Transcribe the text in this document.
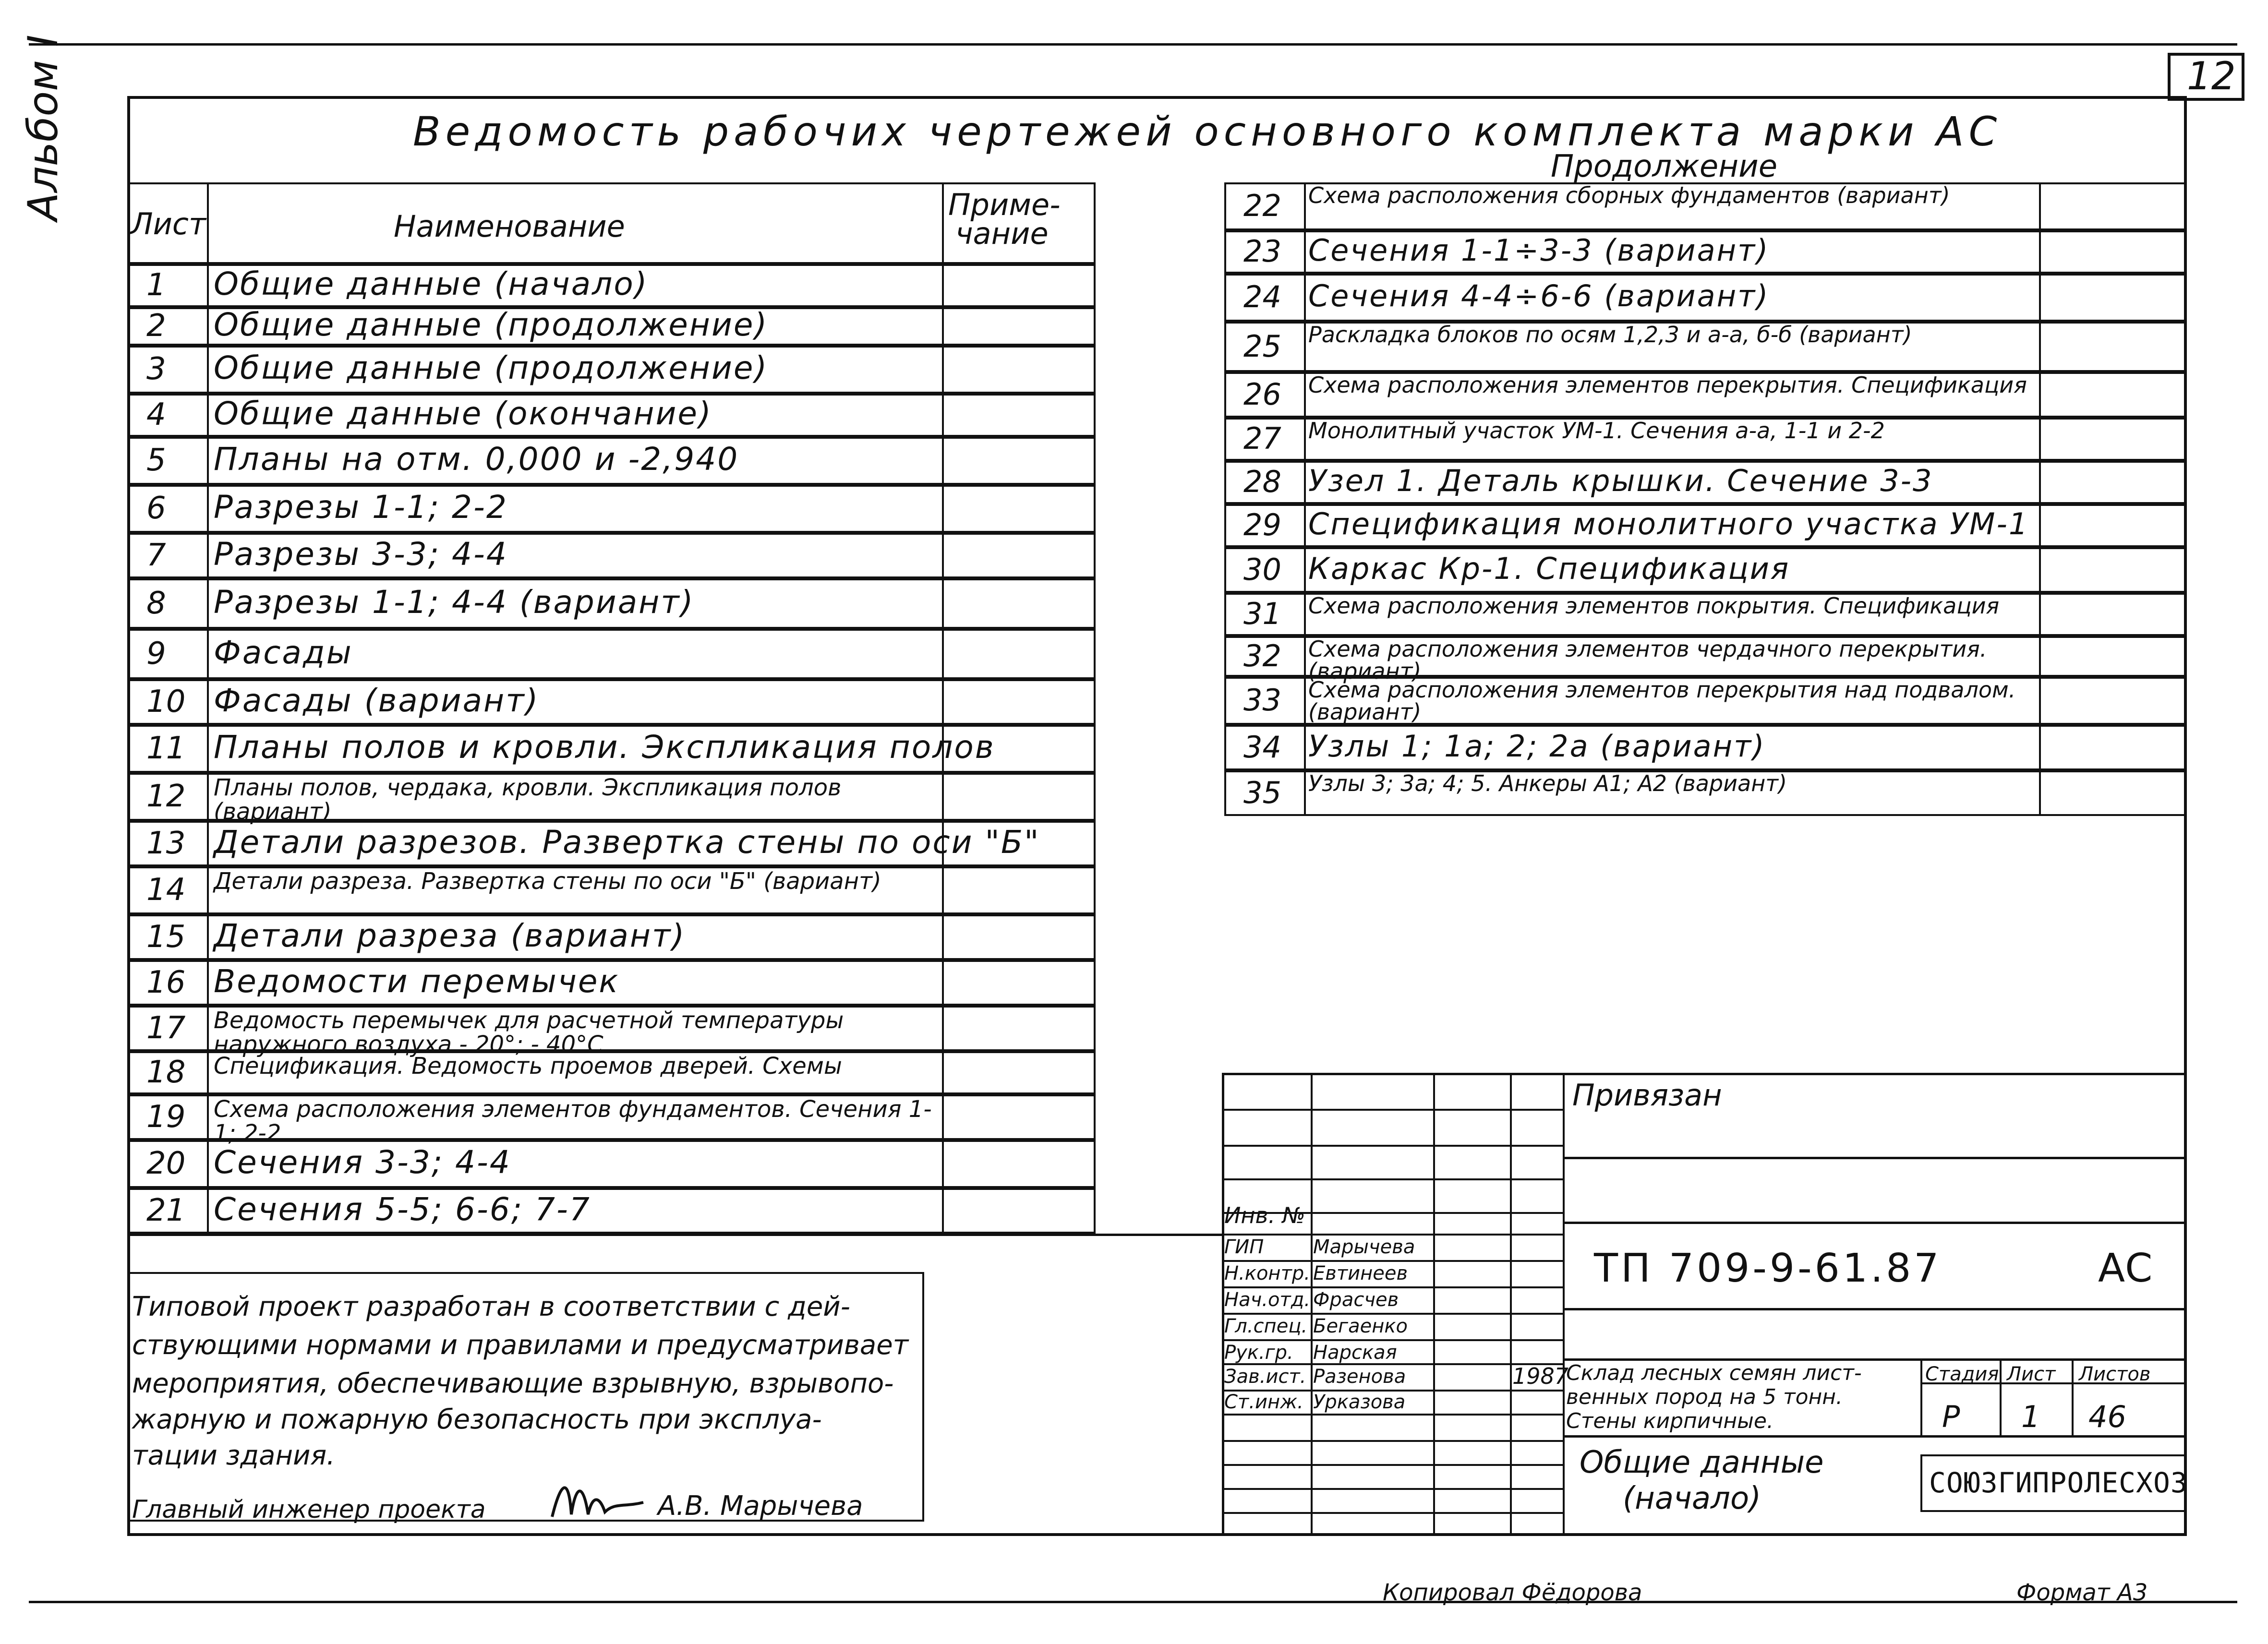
12
Альбом I	Ведомость рабочих чертежей основного комплекта марки АС
Продолжение
Лист	Наименование
Приме-
чание
1 Общие данные (начало)
2 Общие данные (продолжение)
3 Общие данные (продолжение)
4 Общие данные (окончание)
5 Планы на отм. 0,000 и -2,940
6 Разрезы 1-1; 2-2
7 Разрезы 3-3; 4-4
8 Разрезы 1-1; 4-4 (вариант)
9 Фасады
10 Фасады (вариант)
11 Планы полов и кровли. Экспликация полов
12 Планы полов, чердака, кровли. Экспликация полов (вариант)
13 Детали разрезов. Развертка стены по оси "Б"
14 Детали разреза. Развертка стены по оси "Б" (вариант)
15 Детали разреза (вариант)
16 Ведомости перемычек
17 Ведомость перемычек для расчетной температуры наружного воздуха - 20°; - 40°С
18 Спецификация. Ведомость проемов дверей. Схемы
19 Схема расположения элементов фундаментов. Сечения 1-1; 2-2
20 Сечения 3-3; 4-4
21 Сечения 5-5; 6-6; 7-7
22 Схема расположения сборных фундаментов (вариант)
23 Сечения 1-1÷3-3 (вариант)
24 Сечения 4-4÷6-6 (вариант)
25 Раскладка блоков по осям 1,2,3 и а-а, б-б (вариант)
26 Схема расположения элементов перекрытия. Спецификация
27 Монолитный участок УМ-1. Сечения а-а, 1-1 и 2-2
28 Узел 1. Деталь крышки. Сечение 3-3
29 Спецификация монолитного участка УМ-1
30 Каркас Кр-1. Спецификация
31 Схема расположения элементов покрытия. Спецификация
32 Схема расположения элементов чердачного перекрытия. (вариант)
33 Схема расположения элементов перекрытия над подвалом. (вариант)
34 Узлы 1; 1а; 2; 2а (вариант)
35 Узлы 3; 3а; 4; 5. Анкеры А1; А2 (вариант)
Типовой проект разработан в соответствии с дей-
ствующими нормами и правилами и предусматривает
мероприятия, обеспечивающие взрывную, взрывопо-
жарную и пожарную безопасность при эксплуа-
тации здания.
Главный инженер проекта	А.В. Марычева
Привязан
Инв. №
ГИП	Марычева
Н.контр. Евтинеев
Нач.отд. Фрасчев
Гл.спец. Бегаенко
Рук.гр. Нарская
Зав.ист. Разенова
Ст.инж. Урказова
1987
ТП 709-9-61.87	АС
Склад лесных семян лист-
венных пород на 5 тонн.
Стены кирпичные.
Стадия Лист Листов
Р 1 46
Общие данные
(начало)	СОЮЗГИПРОЛЕСХОЗ
Копировал Фёдорова	Формат А3
